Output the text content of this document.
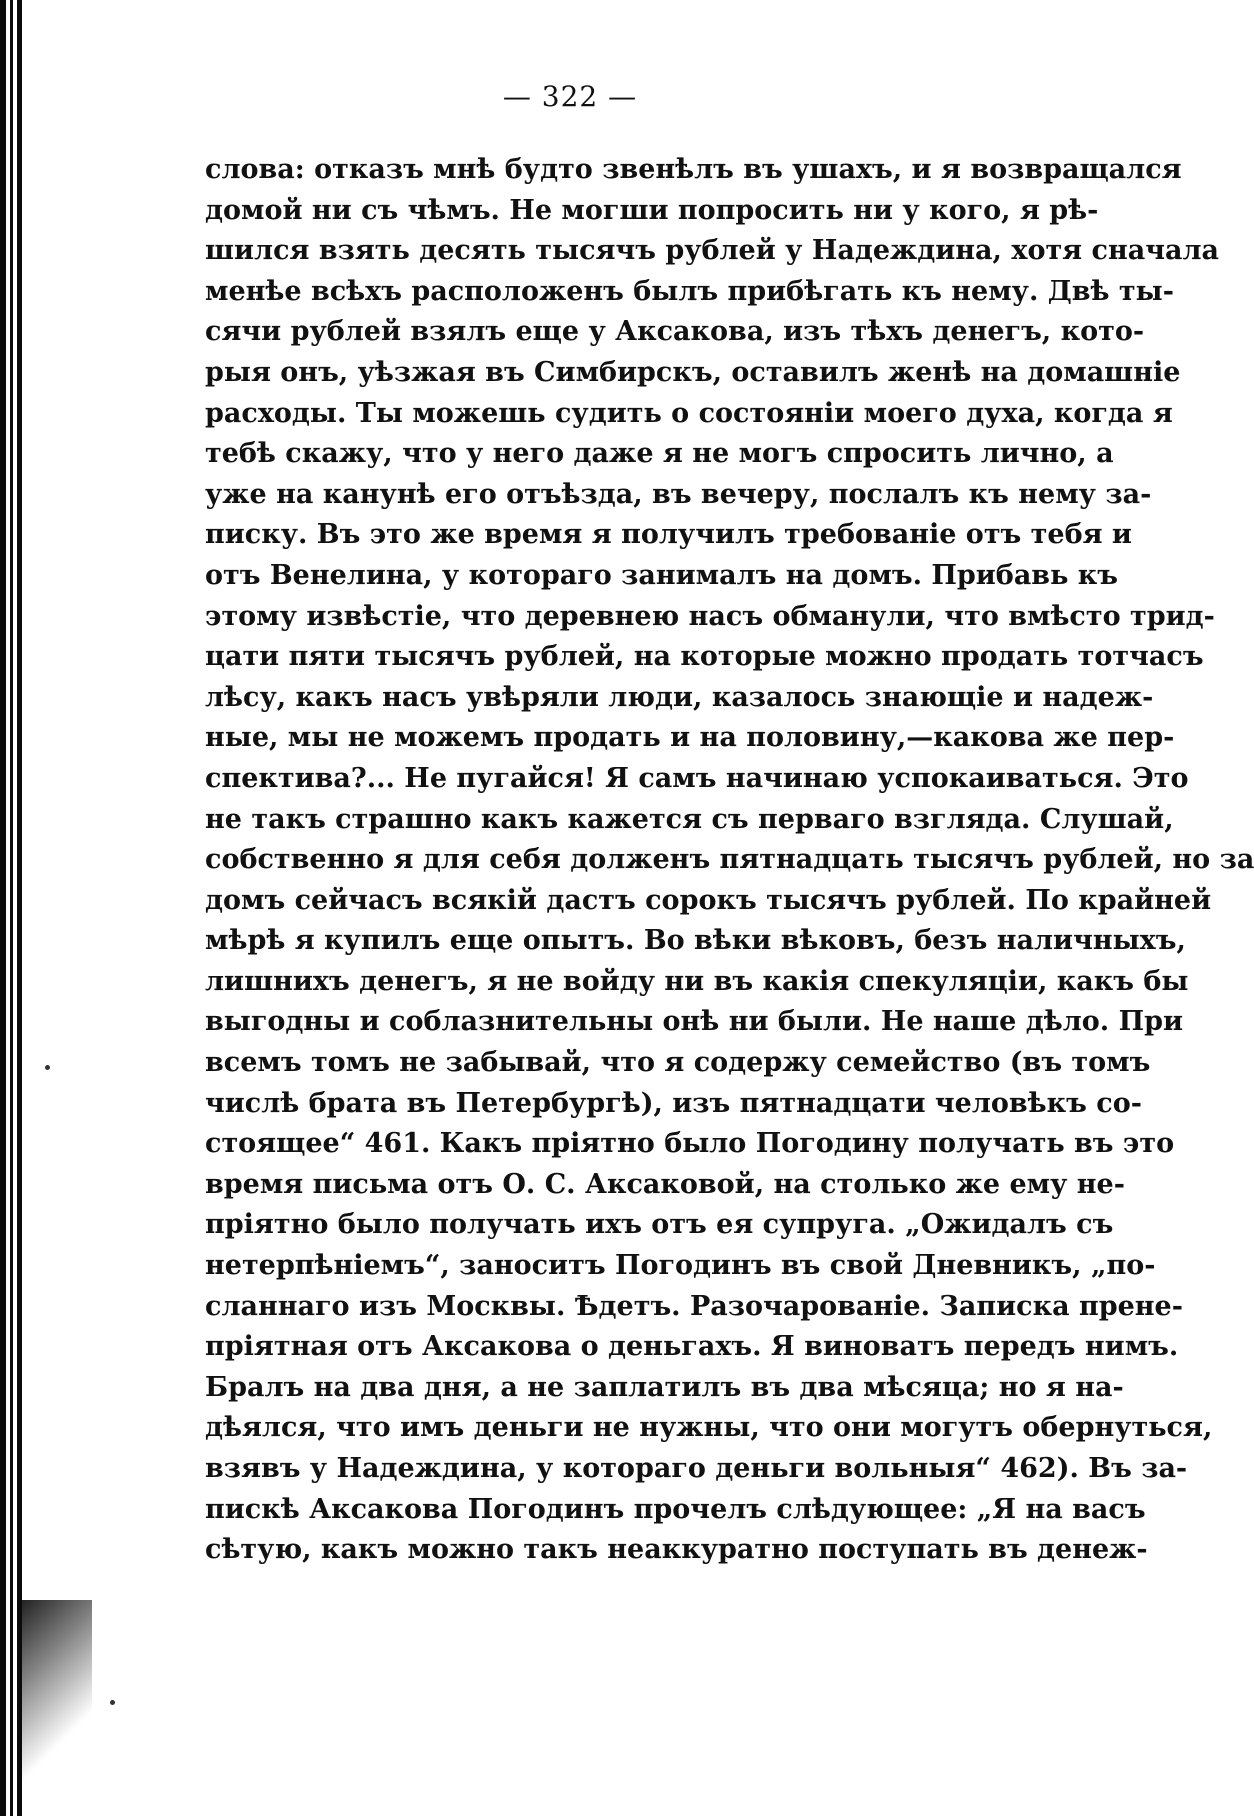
— 322 —
слова: отказъ мнѣ будто звенѣлъ въ ушахъ, и я возвращался
домой ни съ чѣмъ. Не могши попросить ни у кого, я рѣ-
шился взять десять тысячъ рублей у Надеждина, хотя сначала
менѣе всѣхъ расположенъ былъ прибѣгать къ нему. Двѣ ты-
сячи рублей взялъ еще у Аксакова, изъ тѣхъ денегъ, кото-
рыя онъ, уѣзжая въ Симбирскъ, оставилъ женѣ на домашніе
расходы. Ты можешь судить о состояніи моего духа, когда я
тебѣ скажу, что у него даже я не могъ спросить лично, а
уже на канунѣ его отъѣзда, въ вечеру, послалъ къ нему за-
писку. Въ это же время я получилъ требованіе отъ тебя и
отъ Венелина, у котораго занималъ на домъ. Прибавь къ
этому извѣстіе, что деревнею насъ обманули, что вмѣсто трид-
цати пяти тысячъ рублей, на которые можно продать тотчасъ
лѣсу, какъ насъ увѣряли люди, казалось знающіе и надеж-
ные, мы не можемъ продать и на половину,—какова же пер-
спектива?... Не пугайся! Я самъ начинаю успокаиваться. Это
не такъ страшно какъ кажется съ перваго взгляда. Слушай,
собственно я для себя долженъ пятнадцать тысячъ рублей, но за
домъ сейчасъ всякій дастъ сорокъ тысячъ рублей. По крайней
мѣрѣ я купилъ еще опытъ. Во вѣки вѣковъ, безъ наличныхъ,
лишнихъ денегъ, я не войду ни въ какія спекуляціи, какъ бы
выгодны и соблазнительны онѣ ни были. Не наше дѣло. При
всемъ томъ не забывай, что я содержу семейство (въ томъ
числѣ брата въ Петербургѣ), изъ пятнадцати человѣкъ со-
стоящее“ 461. Какъ пріятно было Погодину получать въ это
время письма отъ О. С. Аксаковой, на столько же ему не-
пріятно было получать ихъ отъ ея супруга. „Ожидалъ съ
нетерпѣніемъ“, заноситъ Погодинъ въ свой Дневникъ, „по-
сланнаго изъ Москвы. Ѣдетъ. Разочарованіе. Записка прене-
пріятная отъ Аксакова о деньгахъ. Я виноватъ передъ нимъ.
Бралъ на два дня, а не заплатилъ въ два мѣсяца; но я на-
дѣялся, что имъ деньги не нужны, что они могутъ обернуться,
взявъ у Надеждина, у котораго деньги вольныя“ 462). Въ за-
пискѣ Аксакова Погодинъ прочелъ слѣдующее: „Я на васъ
сѣтую, какъ можно такъ неаккуратно поступать въ денеж-
